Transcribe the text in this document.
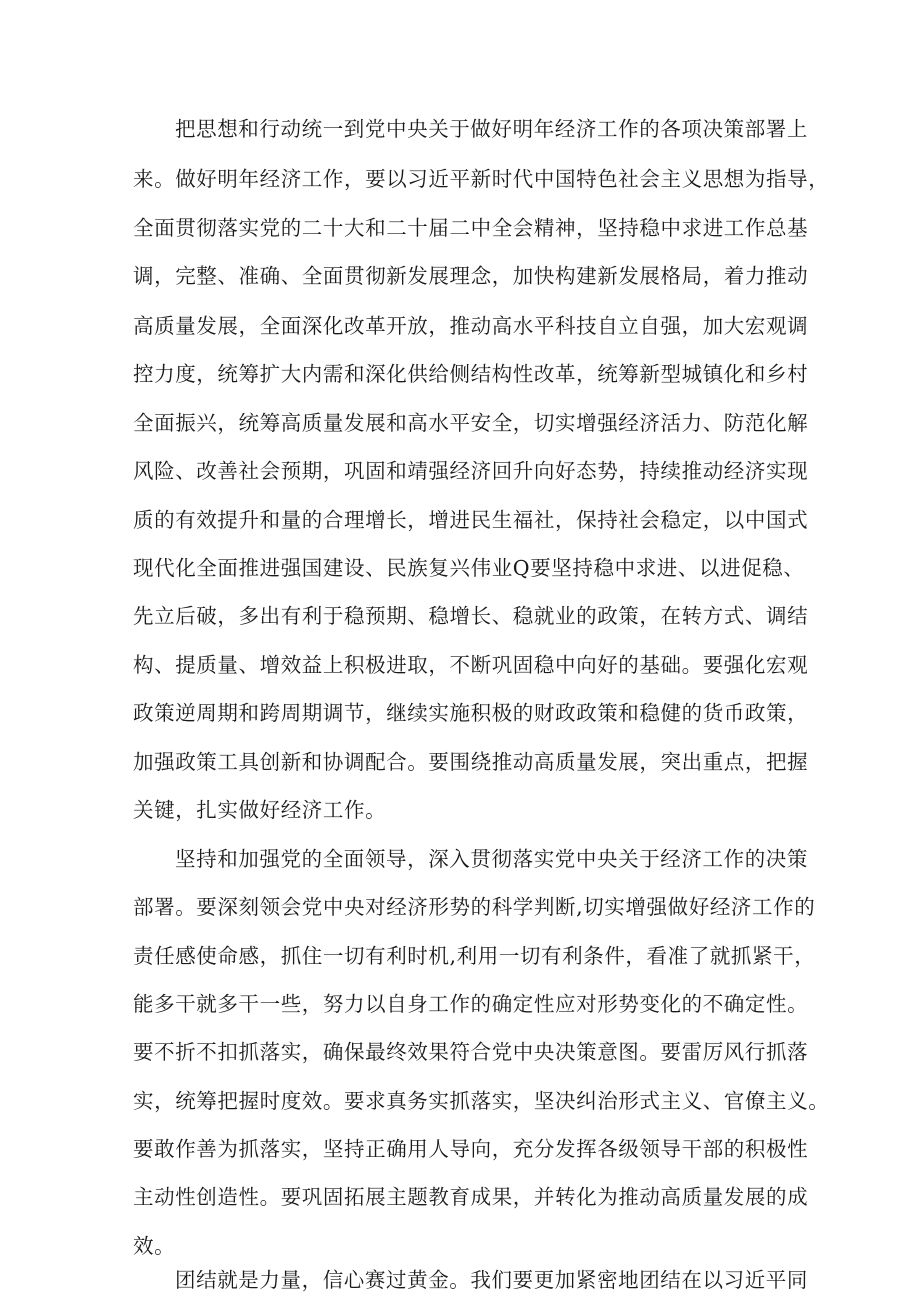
把思想和行动统一到党中央关于做好明年经济工作的各项决策部署上
来。做好明年经济工作，要以习近平新时代中国特色社会主义思想为指导，
全面贯彻落实党的二十大和二十届二中全会精神，坚持稳中求进工作总基
调，完整、准确、全面贯彻新发展理念，加快构建新发展格局，着力推动
高质量发展，全面深化改革开放，推动高水平科技自立自强，加大宏观调
控力度，统筹扩大内需和深化供给侧结构性改革，统筹新型城镇化和乡村
全面振兴，统筹高质量发展和高水平安全，切实增强经济活力、防范化解
风险、改善社会预期，巩固和靖强经济回升向好态势，持续推动经济实现
质的有效提升和量的合理增长，增进民生福社，保持社会稳定，以中国式
现代化全面推进强国建设、民族复兴伟业Q要坚持稳中求进、以进促稳、
先立后破，多出有利于稳预期、稳增长、稳就业的政策，在转方式、调结
构、提质量、增效益上积极进取，不断巩固稳中向好的基础。要强化宏观
政策逆周期和跨周期调节，继续实施积极的财政政策和稳健的货币政策，
加强政策工具创新和协调配合。要围绕推动高质量发展，突出重点，把握
关键，扎实做好经济工作。
坚持和加强党的全面领导，深入贯彻落实党中央关于经济工作的决策
部署。要深刻领会党中央对经济形势的科学判断,切实增强做好经济工作的
责任感使命感，抓住一切有利时机,利用一切有利条件，看准了就抓紧干，
能多干就多干一些，努力以自身工作的确定性应对形势变化的不确定性。
要不折不扣抓落实，确保最终效果符合党中央决策意图。要雷厉风行抓落
实，统筹把握时度效。要求真务实抓落实，坚决纠治形式主义、官僚主义。
要敢作善为抓落实，坚持正确用人导向，充分发挥各级领导干部的积极性
主动性创造性。要巩固拓展主题教育成果，并转化为推动高质量发展的成
效。
团结就是力量，信心赛过黄金。我们要更加紧密地团结在以习近平同
